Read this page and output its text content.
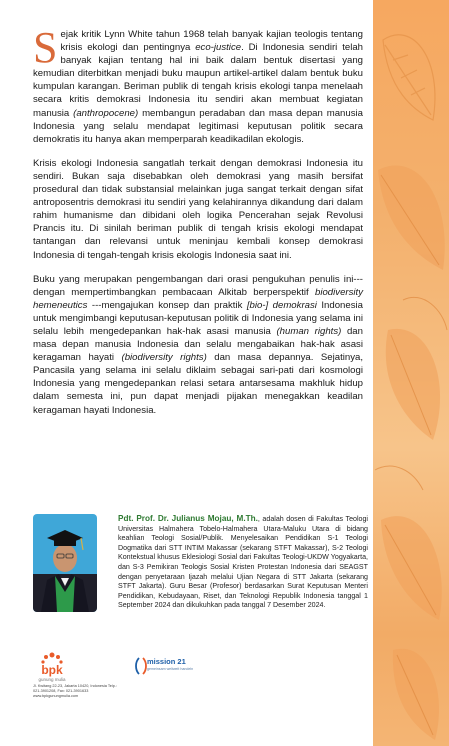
Sejak kritik Lynn White tahun 1968 telah banyak kajian teologis tentang krisis ekologi dan pentingnya eco-justice. Di Indonesia sendiri telah banyak kajian tentang hal ini baik dalam bentuk disertasi yang kemudian diterbitkan menjadi buku maupun artikel-artikel dalam bentuk buku kumpulan karangan. Beriman publik di tengah krisis ekologi tanpa menelaah secara kritis demokrasi Indonesia itu sendiri akan membuat kegiatan manusia (anthropocene) membangun peradaban dan masa depan manusia Indonesia yang selalu mendapat legitimasi keputusan politik secara demokratis itu hanya akan memperparah keadikadilan ekologis.

Krisis ekologi Indonesia sangatlah terkait dengan demokrasi Indonesia itu sendiri. Bukan saja disebabkan oleh demokrasi yang masih bersifat prosedural dan tidak substansial melainkan juga sangat terkait dengan sifat antroposentris demokrasi itu sendiri yang kelahirannya dikandung dari dalam rahim humanisme dan dibidani oleh logika Pencerahan sejak Revolusi Prancis itu. Di sinilah beriman publik di tengah krisis ekologi mendapat tantangan dan relevansi untuk meninjau kembali konsep demokrasi Indonesia di tengah-tengah krisis ekologis Indonesia saat ini.

Buku yang merupakan pengembangan dari orasi pengukuhan penulis ini---dengan mempertimbangkan pembacaan Alkitab berperspektif biodiversity hemeneutics ---mengajukan konsep dan praktik [bio-] demokrasi Indonesia untuk mengimbangi keputusan-keputusan politik di Indonesia yang selama ini selalu lebih mengedepankan hak-hak asasi manusia (human rights) dan masa depan manusia Indonesia dan selalu mengabaikan hak-hak asasi keragaman hayati (biodiversity rights) dan masa depannya. Sejatinya, Pancasila yang selama ini selalu diklaim sebagai sari-pati dari kosmologi Indonesia yang mengedepankan relasi setara antarsesama makhluk hidup dalam semesta ini, pun dapat menjadi pijakan menegakkan keadilan keragaman hayati Indonesia.

Pdt. Prof. Dr. Julianus Mojau, M.Th., adalah dosen di Fakultas Teologi Universitas Halmahera Tobelo-Halmahera Utara-Maluku Utara di bidang keahlian Teologi Sosial/Publik. Menyelesaikan Pendidikan S-1 Teologi Dogmatika dari STT INTIM Makassar (sekarang STFT Makassar), S-2 Teologi Kontekstual khusus Eklesiologi Sosial dari Fakultas Teologi-UKDW Yogyakarta, dan S-3 Pemikiran Teologis Sosial Kristen Protestan Indonesia dari SEAGST dengan penyetaraan Ijazah melalui Ujian Negara di STT Jakarta (sekarang STFT Jakarta). Guru Besar (Profesor) berdasarkan Surat Keputusan Menteri Pendidikan, Kebudayaan, Riset, dan Teknologi Republik Indonesia tanggal 1 September 2024 dan dikukuhkan pada tanggal 7 Desember 2024.
bpk
gunung mulia
Jl. Kwitang 22-23, Jakarta 10420, Indonesia Telp.: 021-3901208, Fax: 021-3901633 www.bpkgunungmulia.com
mission 21
gemeinsam weltweit handeln
